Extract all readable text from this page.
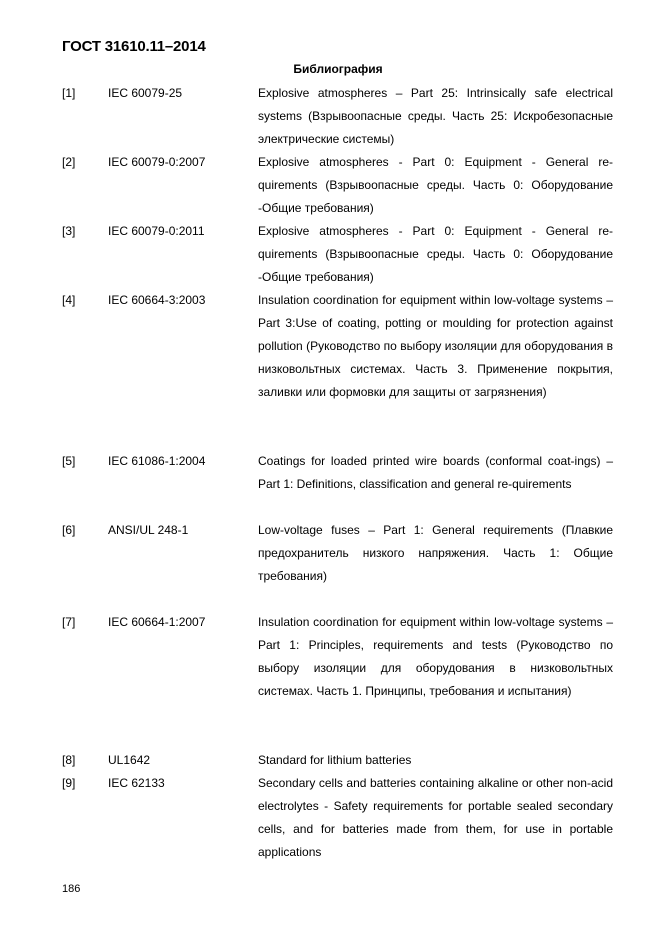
ГОСТ 31610.11–2014
Библиография
[1]	IEC 60079-25	Explosive atmospheres – Part 25: Intrinsically safe electrical systems (Взрывоопасные среды. Часть 25: Искробезопасные электрические системы)
[2]	IEC 60079-0:2007	Explosive atmospheres - Part 0: Equipment - General re-quirements (Взрывоопасные среды. Часть 0: Оборудование -Общие требования)
[3]	IEC 60079-0:2011	Explosive atmospheres - Part 0: Equipment - General re-quirements (Взрывоопасные среды. Часть 0: Оборудование -Общие требования)
[4]	IEC 60664-3:2003	Insulation coordination for equipment within low-voltage systems – Part 3:Use of coating, potting or moulding for protection against pollution (Руководство по выбору изоляции для оборудования в низковольтных системах. Часть 3. Применение покрытия, заливки или формовки для защиты от загрязнения)
[5]	IEC 61086-1:2004	Coatings for loaded printed wire boards (conformal coat-ings) – Part 1: Definitions, classification and general re-quirements
[6]	ANSI/UL 248-1	Low-voltage fuses – Part 1: General requirements (Плавкие предохранитель низкого напряжения. Часть 1: Общие требования)
[7]	IEC 60664-1:2007	Insulation coordination for equipment within low-voltage systems – Part 1: Principles, requirements and tests (Руководство по выбору изоляции для оборудования в низковольтных системах. Часть 1. Принципы, требования и испытания)
[8]	UL1642	Standard for lithium batteries
[9]	IEC 62133	Secondary cells and batteries containing alkaline or other non-acid electrolytes - Safety requirements for portable sealed secondary cells, and for batteries made from them, for use in portable applications
186
